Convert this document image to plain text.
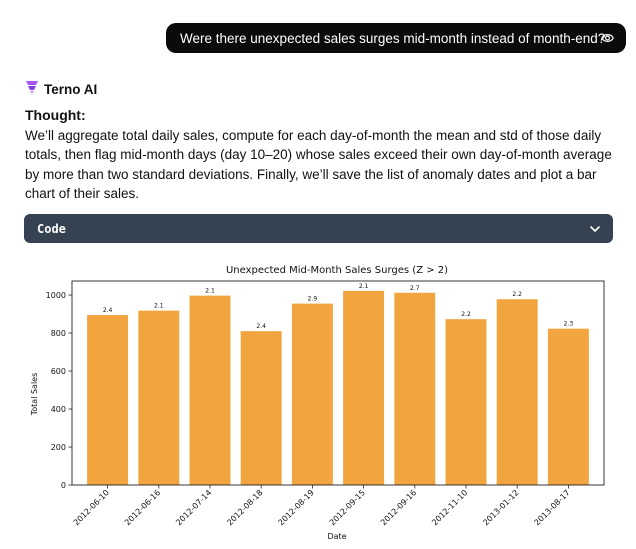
Were there unexpected sales surges mid-month instead of month-end?
Terno AI
Thought:
We’ll aggregate total daily sales, compute for each day-of-month the mean and std of those daily totals, then flag mid-month days (day 10–20) whose sales exceed their own day-of-month average by more than two standard deviations. Finally, we’ll save the list of anomaly dates and plot a bar chart of their sales.
Code
Unexpected Mid-Month Sales Surges (Z > 2)
Total Sales
Date
0
200
400
600
800
1000
2.4
2012-06-10
2.1
2012-06-16
2.1
2012-07-14
2.4
2012-08-18
2.9
2012-08-19
2.1
2012-09-15
2.7
2012-09-16
2.2
2012-11-10
2.2
2013-01-12
2.3
2013-08-17
